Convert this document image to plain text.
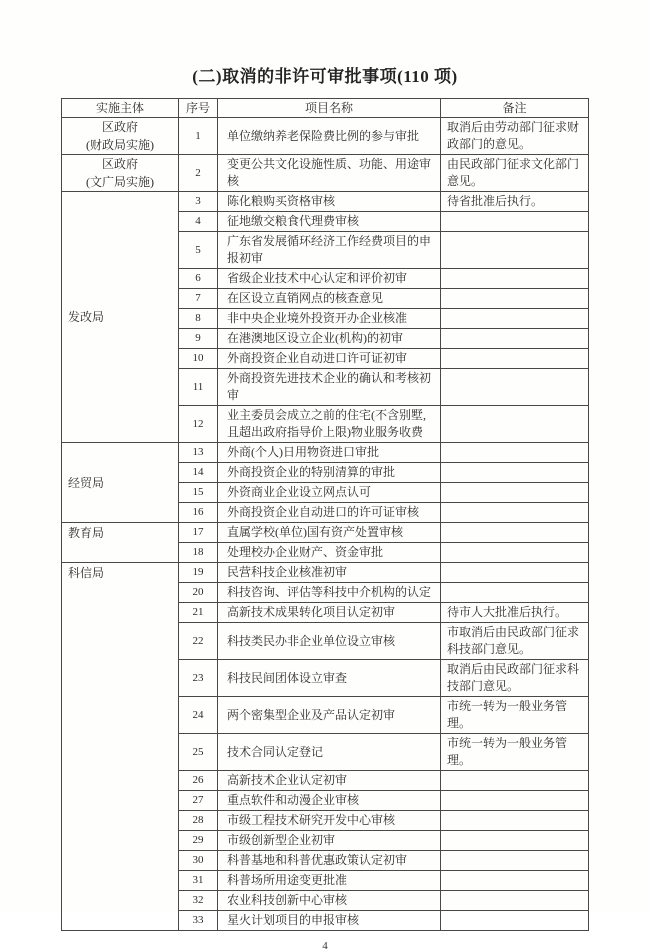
(二)取消的非许可审批事项(110 项)
实施主体	序号	项目名称	备注
区政府
(财政局实施)	1	单位缴纳养老保险费比例的参与审批	取消后由劳动部门征求财政部门的意见。
区政府
(文广局实施)	2	变更公共文化设施性质、功能、用途审核	由民政部门征求文化部门意见。
发改局	3	陈化粮购买资格审核	待省批准后执行。
	4	征地缴交粮食代理费审核	
	5	广东省发展循环经济工作经费项目的申报初审	
	6	省级企业技术中心认定和评价初审	
	7	在区设立直销网点的核查意见	
	8	非中央企业境外投资开办企业核准	
	9	在港澳地区设立企业(机构)的初审	
	10	外商投资企业自动进口许可证初审	
	11	外商投资先进技术企业的确认和考核初审	
	12	业主委员会成立之前的住宅(不含别墅,且超出政府指导价上限)物业服务收费	
经贸局	13	外商(个人)日用物资进口审批	
	14	外商投资企业的特别清算的审批	
	15	外资商业企业设立网点认可	
	16	外商投资企业自动进口的许可证审核	
教育局	17	直属学校(单位)国有资产处置审核	
	18	处理校办企业财产、资金审批	
科信局	19	民营科技企业核准初审	
	20	科技咨询、评估等科技中介机构的认定	
	21	高新技术成果转化项目认定初审	待市人大批准后执行。
	22	科技类民办非企业单位设立审核	市取消后由民政部门征求科技部门意见。
	23	科技民间团体设立审查	取消后由民政部门征求科技部门意见。
	24	两个密集型企业及产品认定初审	市统一转为一般业务管理。
	25	技术合同认定登记	市统一转为一般业务管理。
	26	高新技术企业认定初审	
	27	重点软件和动漫企业审核	
	28	市级工程技术研究开发中心审核	
	29	市级创新型企业初审	
	30	科普基地和科普优惠政策认定初审	
	31	科普场所用途变更批准	
	32	农业科技创新中心审核	
	33	星火计划项目的申报审核	
4
